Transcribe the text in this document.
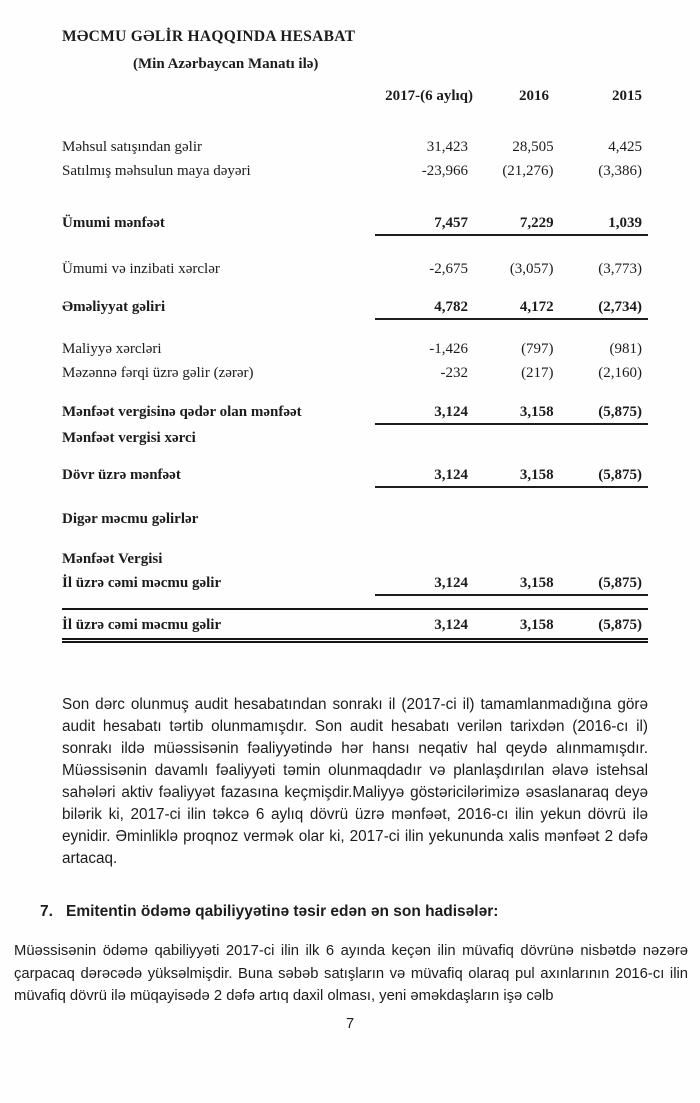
MƏCMU GƏLİR HAQQINDA HESABAT
(Min Azərbaycan Manatı ilə)
2017-(6 aylıq)	2016	2015
Məhsul satışından gəlir	31,423	28,505	4,425
Satılmış məhsulun maya dəyəri	-23,966	(21,276)	(3,386)
Ümumi mənfəət	7,457	7,229	1,039
Ümumi və inzibati xərclər	-2,675	(3,057)	(3,773)
Əməliyyat gəliri	4,782	4,172	(2,734)
Maliyyə xərcləri	-1,426	(797)	(981)
Məzənnə fərqi üzrə gəlir (zərər)	-232	(217)	(2,160)
Mənfəət vergisinə qədər olan mənfəət	3,124	3,158	(5,875)
Mənfəət vergisi xərci
Dövr üzrə mənfəət	3,124	3,158	(5,875)
Digər məcmu gəlirlər
Mənfəət Vergisi
İl üzrə cəmi məcmu gəlir	3,124	3,158	(5,875)
İl üzrə cəmi məcmu gəlir	3,124	3,158	(5,875)
Son dərc olunmuş audit hesabatından sonrakı il (2017-ci il) tamamlanmadığına görə audit hesabatı tərtib olunmamışdır. Son audit hesabatı verilən tarixdən (2016-cı il) sonrakı ildə müəssisənin fəaliyyətində hər hansı neqativ hal qeydə alınmamışdır. Müəssisənin davamlı fəaliyyəti təmin olunmaqdadır və planlaşdırılan əlavə istehsal sahələri aktiv fəaliyyət fazasına keçmişdir.Maliyyə göstəricilərimizə əsaslanaraq deyə bilərik ki, 2017-ci ilin təkcə 6 aylıq dövrü üzrə mənfəət, 2016-cı ilin yekun dövrü ilə eynidir. Əminliklə proqnoz vermək olar ki, 2017-ci ilin yekununda xalis mənfəət 2 dəfə artacaq.
7. Emitentin ödəmə qabiliyyətinə təsir edən ən son hadisələr:
Müəssisənin ödəmə qabiliyyəti 2017-ci ilin ilk 6 ayında keçən ilin müvafiq dövrünə nisbətdə nəzərə çarpacaq dərəcədə yüksəlmişdir. Buna səbəb satışların və müvafiq olaraq pul axınlarının 2016-cı ilin müvafiq dövrü ilə müqayisədə 2 dəfə artıq daxil olması, yeni əməkdaşların işə cəlb
7
